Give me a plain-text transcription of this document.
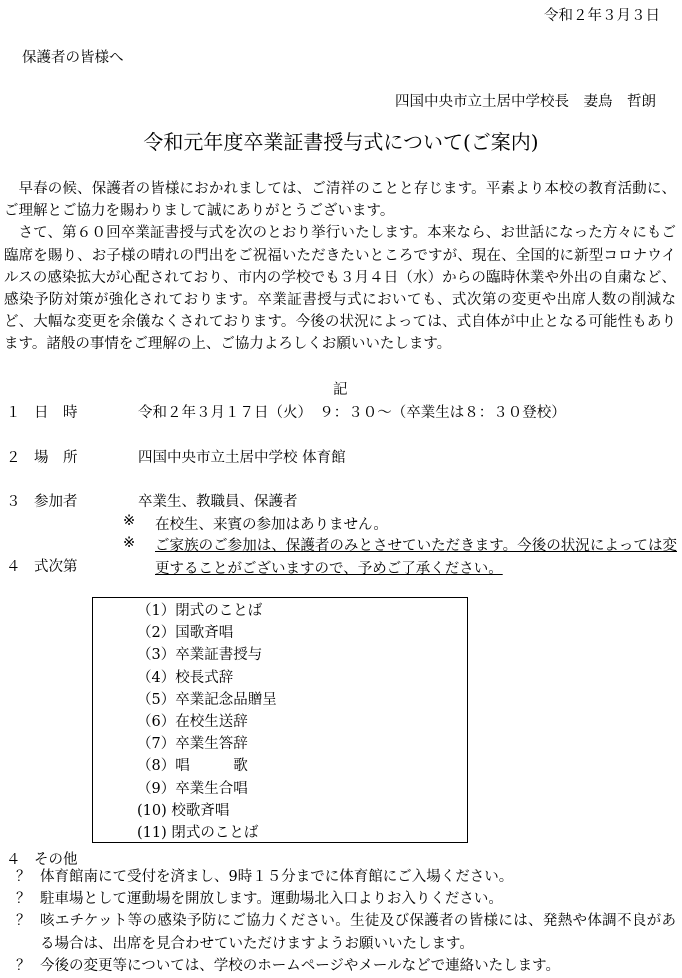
令和２年３月３日
保護者の皆様へ
四国中央市立土居中学校長　妻鳥　哲朗
令和元年度卒業証書授与式について(ご案内)

早春の候、保護者の皆様におかれましては、ご清祥のことと存じます。平素より本校の教育活動に、ご理解とご協力を賜わりまして誠にありがとうございます。

さて、第６０回卒業証書授与式を次のとおり挙行いたします。本来なら、お世話になった方々にもご臨席を賜り、お子様の晴れの門出をご祝福いただきたいところですが、現在、全国的に新型コロナウイルスの感染拡大が心配されており、市内の学校でも３月４日（水）からの臨時休業や外出の自粛など、感染予防対策が強化されております。卒業証書授与式においても、式次第の変更や出席人数の削減など、大幅な変更を余儀なくされております。今後の状況によっては、式自体が中止となる可能性もあります。諸般の事情をご理解の上、ご協力よろしくお願いいたします。

記
１ 日　時	令和２年３月１７日（火）　９：３０～（卒業生は８：３０登校）
２ 場　所	四国中央市立土居中学校 体育館
３ 参加者	卒業生、教職員、保護者
※ 在校生、来賓の参加はありません。
※ ご家族のご参加は、保護者のみとさせていただきます。今後の状況によっては変更することがございますので、予めご了承ください。
４ 式次第
（1）閉式のことば
（2）国歌斉唱
（3）卒業証書授与
（4）校長式辞
（5）卒業記念品贈呈
（6）在校生送辞
（7）卒業生答辞
（8）唱　　　歌
（9）卒業生合唱
(10) 校歌斉唱
(11) 閉式のことば
４ その他
？ 体育館南にて受付を済まし、9時１５分までに体育館にご入場ください。
？ 駐車場として運動場を開放します。運動場北入口よりお入りください。
？ 咳エチケット等の感染予防にご協力ください。生徒及び保護者の皆様には、発熱や体調不良がある場合は、出席を見合わせていただけますようお願いいたします。
？ 今後の変更等については、学校のホームページやメールなどで連絡いたします。
